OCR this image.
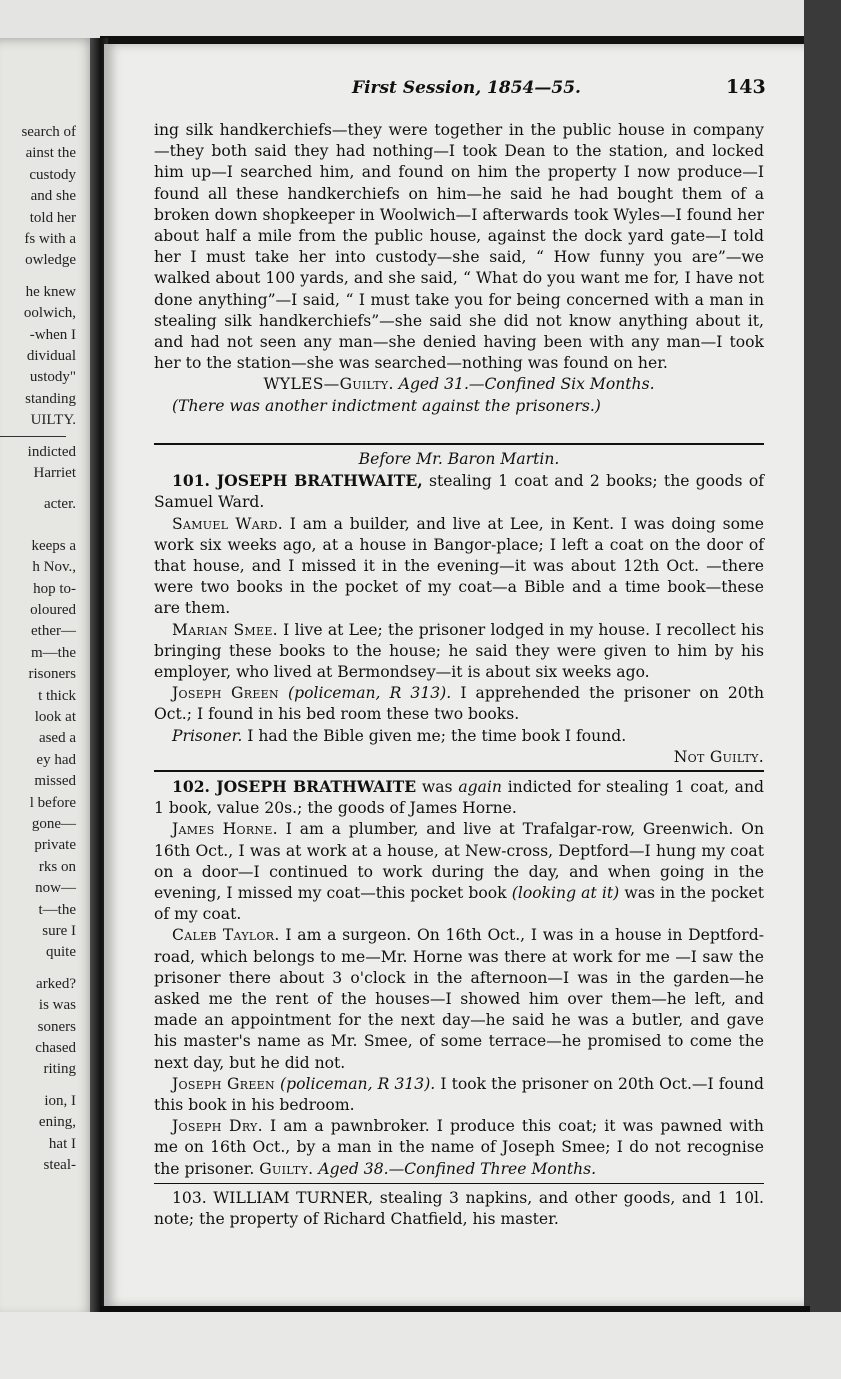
search of
ainst the
custody
and she
told her
fs with a
owledge
he knew
oolwich,
-when I
dividual
ustody"
standing
UILTY.
indicted
Harriet
acter.
keeps a
h Nov.,
hop to-
oloured
ether—
m—the
risoners
t thick
look at
ased a
ey had
missed
l before
gone—
private
rks on
now—
t—the
sure I
quite
arked?
is was
soners
chased
riting
ion, I
ening,
hat I
steal-
First Session, 1854—55.	143

ing silk handkerchiefs—they were together in the public house in company —they both said they had nothing—I took Dean to the station, and locked him up—I searched him, and found on him the property I now produce—I found all these handkerchiefs on him—he said he had bought them of a broken down shopkeeper in Woolwich—I afterwards took Wyles—I found her about half a mile from the public house, against the dock yard gate—I told her I must take her into custody—she said, “ How funny you are”—we walked about 100 yards, and she said, “ What do you want me for, I have not done anything”—I said, “ I must take you for being concerned with a man in stealing silk handkerchiefs”—she said she did not know anything about it, and had not seen any man—she denied having been with any man—I took her to the station—she was searched—nothing was found on her.

WYLES—Guilty. Aged 31.—Confined Six Months.

(There was another indictment against the prisoners.)

Before Mr. Baron Martin.

101. JOSEPH BRATHWAITE, stealing 1 coat and 2 books; the goods of Samuel Ward.

Samuel Ward. I am a builder, and live at Lee, in Kent. I was doing some work six weeks ago, at a house in Bangor-place; I left a coat on the door of that house, and I missed it in the evening—it was about 12th Oct. —there were two books in the pocket of my coat—a Bible and a time book—these are them.

Marian Smee. I live at Lee; the prisoner lodged in my house. I recollect his bringing these books to the house; he said they were given to him by his employer, who lived at Bermondsey—it is about six weeks ago.

Joseph Green (policeman, R 313). I apprehended the prisoner on 20th Oct.; I found in his bed room these two books.

Prisoner. I had the Bible given me; the time book I found.

Not Guilty.

102. JOSEPH BRATHWAITE was again indicted for stealing 1 coat, and 1 book, value 20s.; the goods of James Horne.

James Horne. I am a plumber, and live at Trafalgar-row, Greenwich. On 16th Oct., I was at work at a house, at New-cross, Deptford—I hung my coat on a door—I continued to work during the day, and when going in the evening, I missed my coat—this pocket book (looking at it) was in the pocket of my coat.

Caleb Taylor. I am a surgeon. On 16th Oct., I was in a house in Deptford-road, which belongs to me—Mr. Horne was there at work for me —I saw the prisoner there about 3 o'clock in the afternoon—I was in the garden—he asked me the rent of the houses—I showed him over them—he left, and made an appointment for the next day—he said he was a butler, and gave his master's name as Mr. Smee, of some terrace—he promised to come the next day, but he did not.

Joseph Green (policeman, R 313). I took the prisoner on 20th Oct.—I found this book in his bedroom.

Joseph Dry. I am a pawnbroker. I produce this coat; it was pawned with me on 16th Oct., by a man in the name of Joseph Smee; I do not recognise the prisoner. Guilty. Aged 38.—Confined Three Months.

103. WILLIAM TURNER, stealing 3 napkins, and other goods, and 1 10l. note; the property of Richard Chatfield, his master.
